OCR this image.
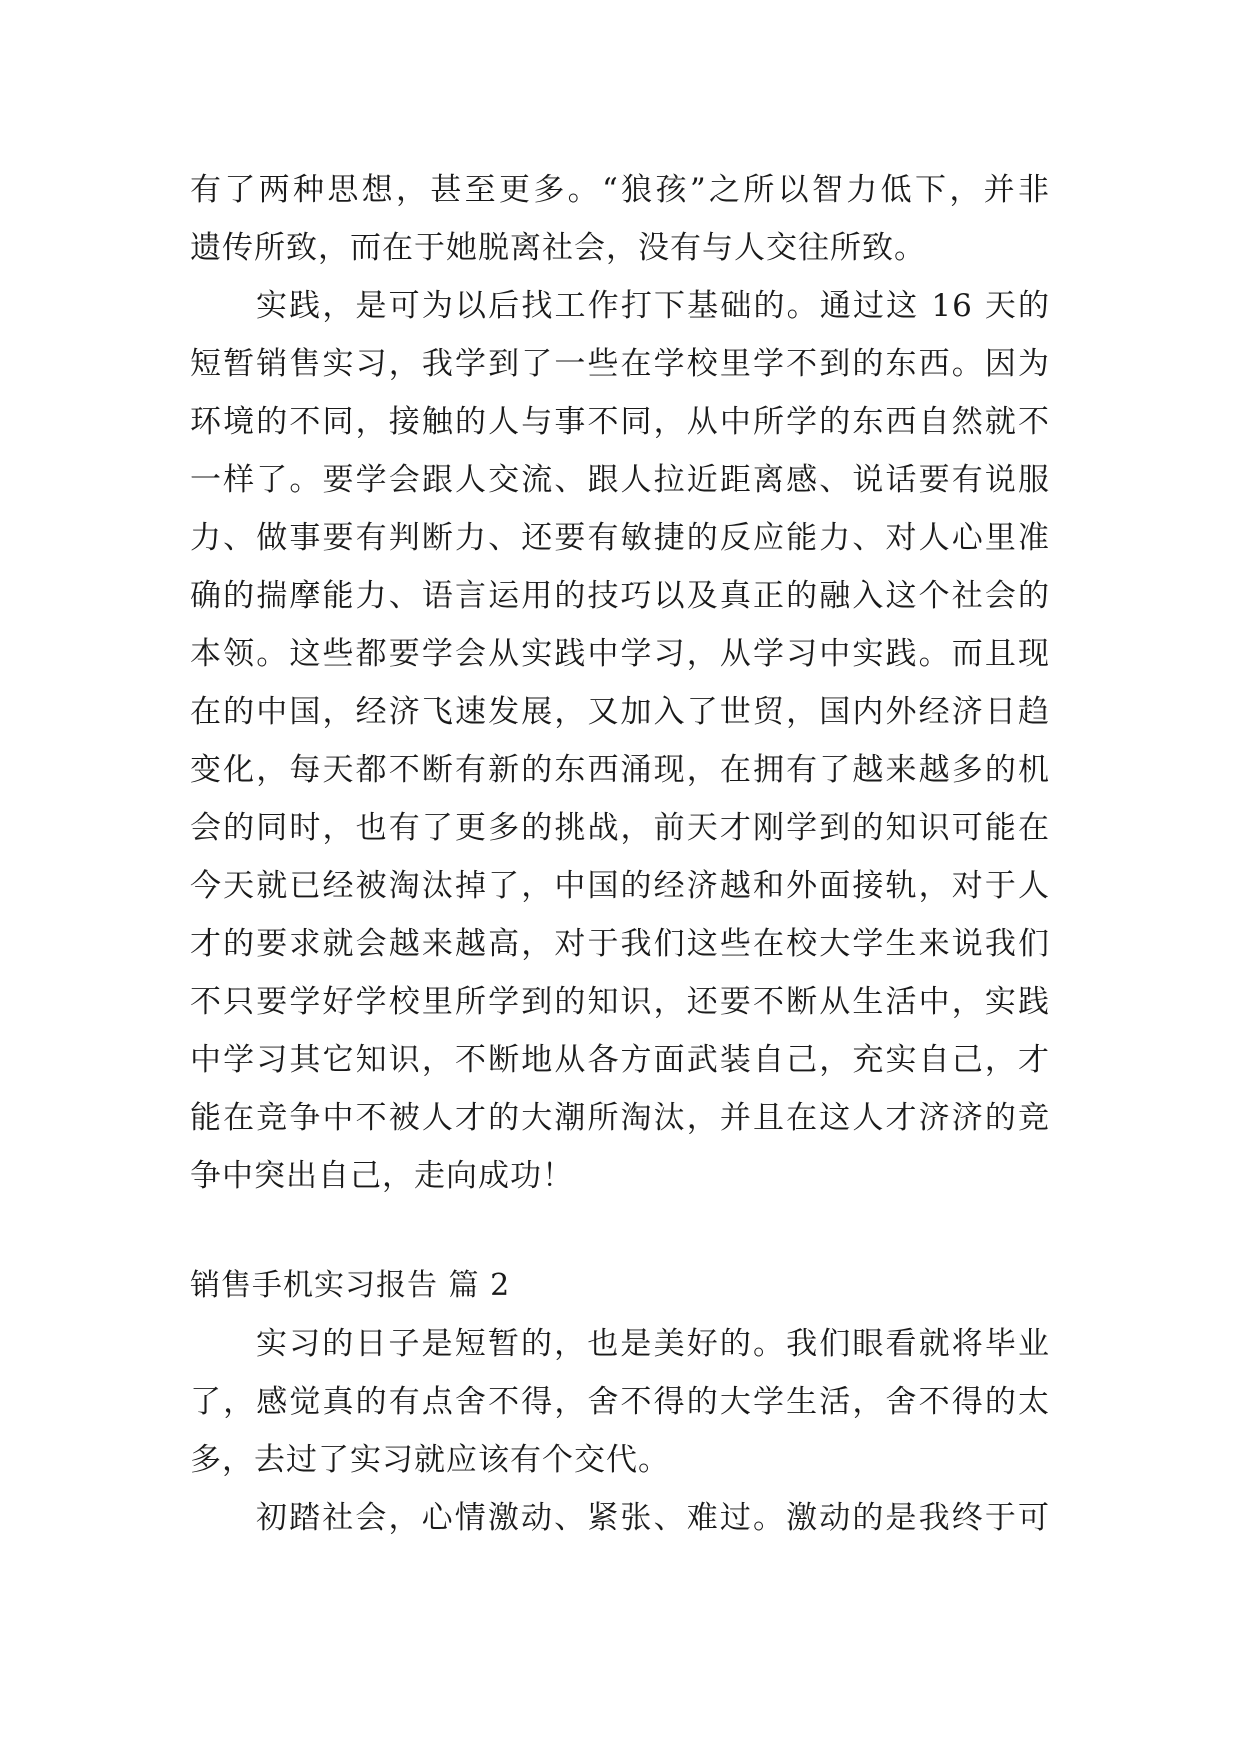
有了两种思想，甚至更多。“狼孩”之所以智力低下，并非
遗传所致，而在于她脱离社会，没有与人交往所致。
实践，是可为以后找工作打下基础的。通过这 16 天的
短暂销售实习，我学到了一些在学校里学不到的东西。因为
环境的不同，接触的人与事不同，从中所学的东西自然就不
一样了。要学会跟人交流、跟人拉近距离感、说话要有说服
力、做事要有判断力、还要有敏捷的反应能力、对人心里准
确的揣摩能力、语言运用的技巧以及真正的融入这个社会的
本领。这些都要学会从实践中学习，从学习中实践。而且现
在的中国，经济飞速发展，又加入了世贸，国内外经济日趋
变化，每天都不断有新的东西涌现，在拥有了越来越多的机
会的同时，也有了更多的挑战，前天才刚学到的知识可能在
今天就已经被淘汰掉了，中国的经济越和外面接轨，对于人
才的要求就会越来越高，对于我们这些在校大学生来说我们
不只要学好学校里所学到的知识，还要不断从生活中，实践
中学习其它知识，不断地从各方面武装自己，充实自己，才
能在竞争中不被人才的大潮所淘汰，并且在这人才济济的竞
争中突出自己，走向成功！
销售手机实习报告 篇 2
实习的日子是短暂的，也是美好的。我们眼看就将毕业
了，感觉真的有点舍不得，舍不得的大学生活，舍不得的太
多，去过了实习就应该有个交代。
初踏社会，心情激动、紧张、难过。激动的是我终于可
